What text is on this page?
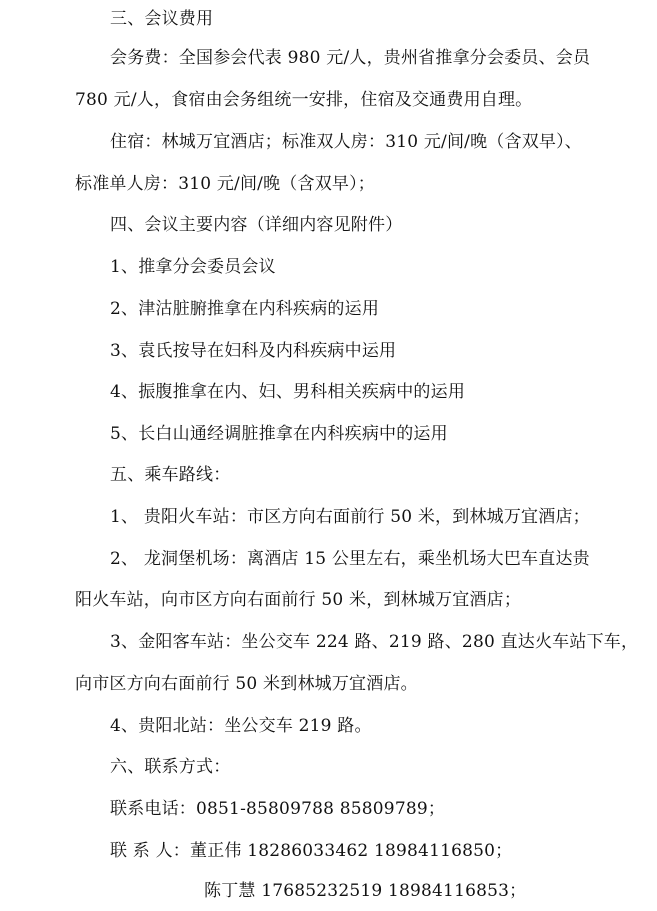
三、会议费用
会务费：全国参会代表 980 元/人，贵州省推拿分会委员、会员
780 元/人，食宿由会务组统一安排，住宿及交通费用自理。
住宿：林城万宜酒店；标准双人房：310 元/间/晚（含双早）、
标准单人房：310 元/间/晚（含双早）；
四、会议主要内容（详细内容见附件）
1、推拿分会委员会议
2、津沽脏腑推拿在内科疾病的运用
3、袁氏按导在妇科及内科疾病中运用
4、振腹推拿在内、妇、男科相关疾病中的运用
5、长白山通经调脏推拿在内科疾病中的运用
五、乘车路线：
1、 贵阳火车站：市区方向右面前行 50 米，到林城万宜酒店；
2、 龙洞堡机场：离酒店 15 公里左右，乘坐机场大巴车直达贵
阳火车站，向市区方向右面前行 50 米，到林城万宜酒店；
3、金阳客车站：坐公交车 224 路、219 路、280 直达火车站下车，
向市区方向右面前行 50 米到林城万宜酒店。
4、贵阳北站：坐公交车 219 路。
六、联系方式：
联系电话：0851-85809788 85809789；
联 系 人：董正伟 18286033462 18984116850；
陈丁慧 17685232519 18984116853；
